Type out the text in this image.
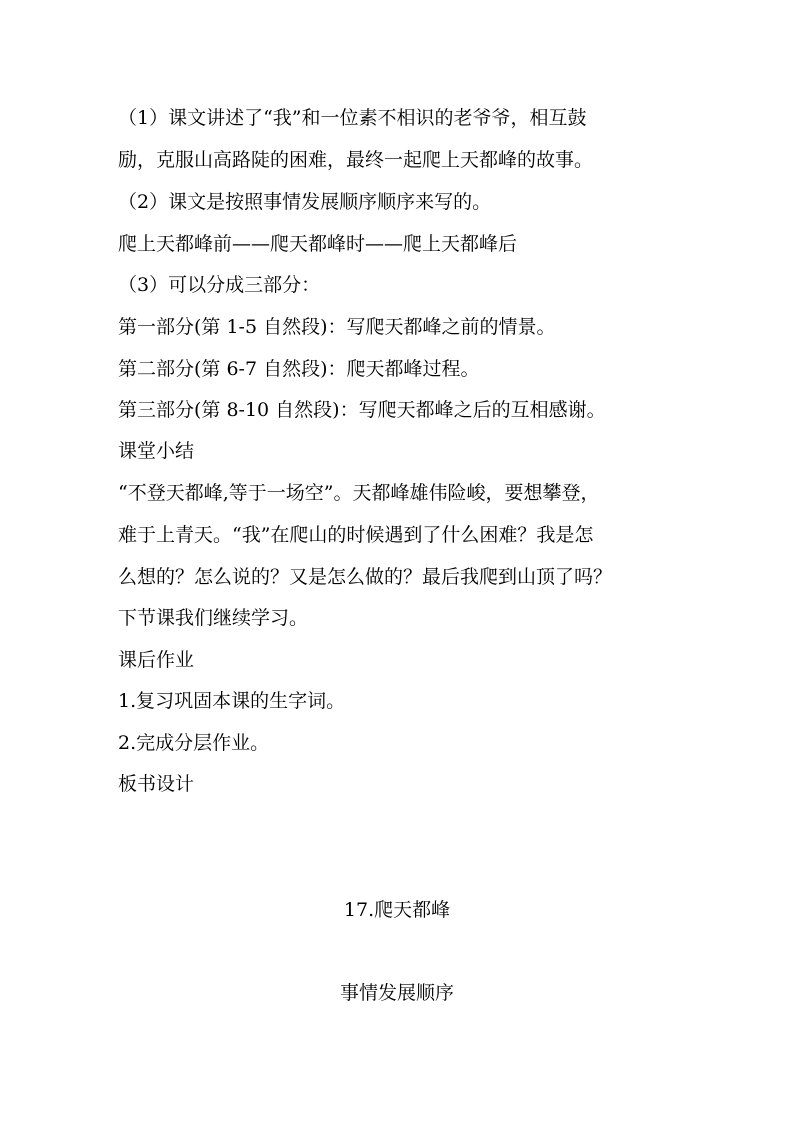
（1）课文讲述了“我”和一位素不相识的老爷爷，相互鼓

励，克服山高路陡的困难，最终一起爬上天都峰的故事。

（2）课文是按照事情发展顺序顺序来写的。

爬上天都峰前——爬天都峰时——爬上天都峰后

（3）可以分成三部分：

第一部分(第 1-5 自然段)：写爬天都峰之前的情景。

第二部分(第 6-7 自然段)：爬天都峰过程。

第三部分(第 8-10 自然段)：写爬天都峰之后的互相感谢。

课堂小结

“不登天都峰,等于一场空”。天都峰雄伟险峻，要想攀登，

难于上青天。“我”在爬山的时候遇到了什么困难？我是怎

么想的？怎么说的？又是怎么做的？最后我爬到山顶了吗？

下节课我们继续学习。

课后作业

1.复习巩固本课的生字词。

2.完成分层作业。

板书设计

17.爬天都峰

事情发展顺序
